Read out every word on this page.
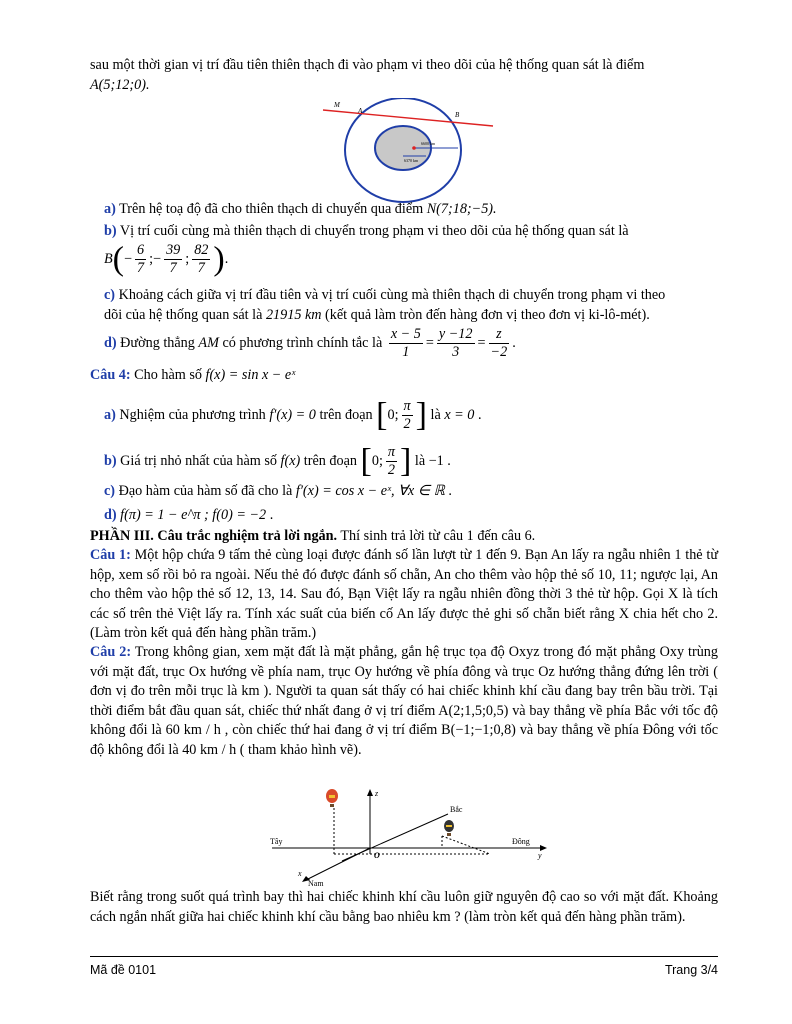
sau một thời gian vị trí đầu tiên thiên thạch đi vào phạm vi theo dõi của hệ thống quan sát là điểm
A(5;12;0).
M
A	B
6600 km
6370 km
a) Trên hệ toạ độ đã cho thiên thạch di chuyển qua điểm N(7;18;−5).
b) Vị trí cuối cùng mà thiên thạch di chuyển trong phạm vi theo dõi của hệ thống quan sát là
$B(- \frac{6}{7}$ ;− $\frac{39}{7}$ ; $\frac{82}{7}$ ).
c) Khoảng cách giữa vị trí đầu tiên và vị trí cuối cùng mà thiên thạch di chuyển trong phạm vi theo
dõi của hệ thống quan sát là 21915 km (kết quả làm tròn đến hàng đơn vị theo đơn vị ki-lô-mét).
d) Đường thẳng AM có phương trình chính tắc là $\frac{x - 5}{1} = \frac{y -12}{3} = \frac{z}{-2}$ .
Câu 4: Cho hàm số f(x) = sin x − eˣ
a) Nghiệm của phương trình f′(x) = 0 trên đoạn [0; $\frac{\pi}{2}$ ] là x = 0 .
b) Giá trị nhỏ nhất của hàm số f(x) trên đoạn [0; $\frac{\pi}{2}$ ] là −1 .
c) Đạo hàm của hàm số đã cho là f′(x) = cos x − eˣ, ∀x ∈ ℝ .
d) f(π) = 1 − e^π ; f(0) = −2 .
PHẦN III. Câu trắc nghiệm trả lời ngắn. Thí sinh trả lời từ câu 1 đến câu 6.
Câu 1: Một hộp chứa 9 tấm thẻ cùng loại được đánh số lần lượt từ 1 đến 9. Bạn An lấy ra ngẫu nhiên 1 thẻ từ hộp, xem số rồi bỏ ra ngoài. Nếu thẻ đó được đánh số chẵn, An cho thêm vào hộp thẻ số 10, 11; ngược lại, An cho thêm vào hộp thẻ số 12, 13, 14. Sau đó, Bạn Việt lấy ra ngẫu nhiên đồng thời 3 thẻ từ hộp. Gọi X là tích các số trên thẻ Việt lấy ra. Tính xác suất của biến cố An lấy được thẻ ghi số chẵn biết rằng X chia hết cho 2. (Làm tròn kết quả đến hàng phần trăm.)
Câu 2: Trong không gian, xem mặt đất là mặt phẳng, gắn hệ trục tọa độ Oxyz trong đó mặt phẳng Oxy trùng với mặt đất, trục Ox hướng về phía nam, trục Oy hướng về phía đông và trục Oz hướng thẳng đứng lên trời ( đơn vị đo trên mỗi trục là km ). Người ta quan sát thấy có hai chiếc khinh khí cầu đang bay trên bầu trời. Tại thời điểm bắt đầu quan sát, chiếc thứ nhất đang ở vị trí điểm A(2;1,5;0,5) và bay thẳng về phía Bắc với tốc độ không đổi là 60 km / h , còn chiếc thứ hai đang ở vị trí điểm B(−1;−1;0,8) và bay thẳng về phía Đông với tốc độ không đổi là 40 km / h ( tham khảo hình vẽ).
z
Bắc
Tây	Đông
O	y
x
Nam
Biết rằng trong suốt quá trình bay thì hai chiếc khinh khí cầu luôn giữ nguyên độ cao so với mặt đất. Khoảng cách ngắn nhất giữa hai chiếc khinh khí cầu bằng bao nhiêu km ? (làm tròn kết quả đến hàng phần trăm).
Mã đề 0101	Trang 3/4
